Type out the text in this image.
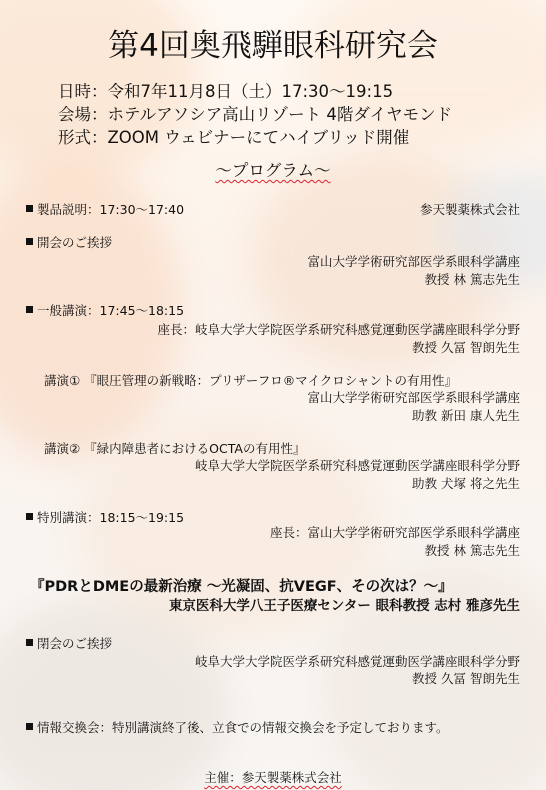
第4回奥飛騨眼科研究会
日時：令和7年11月8日（土）17:30～19:15
会場：ホテルアソシア高山リゾート 4階ダイヤモンド
形式：ZOOM ウェビナーにてハイブリッド開催
～プログラム～
製品説明：17:30～17:40	参天製薬株式会社
開会のご挨拶
富山大学学術研究部医学系眼科学講座
教授 林 篤志先生
一般講演：17:45～18:15
座長：岐阜大学大学院医学系研究科感覚運動医学講座眼科学分野
教授 久冨 智朗先生
講演① 『眼圧管理の新戦略：プリザーフロ®マイクロシャントの有用性』
富山大学学術研究部医学系眼科学講座
助教 新田 康人先生
講演② 『緑内障患者におけるOCTAの有用性』
岐阜大学大学院医学系研究科感覚運動医学講座眼科学分野
助教 犬塚 将之先生
特別講演：18:15～19:15
座長：富山大学学術研究部医学系眼科学講座
教授 林 篤志先生
『PDRとDMEの最新治療 ～光凝固、抗VEGF、その次は？～』
東京医科大学八王子医療センター 眼科教授 志村 雅彦先生
閉会のご挨拶
岐阜大学大学院医学系研究科感覚運動医学講座眼科学分野
教授 久冨 智朗先生
情報交換会：特別講演終了後、立食での情報交換会を予定しております。
主催：参天製薬株式会社
